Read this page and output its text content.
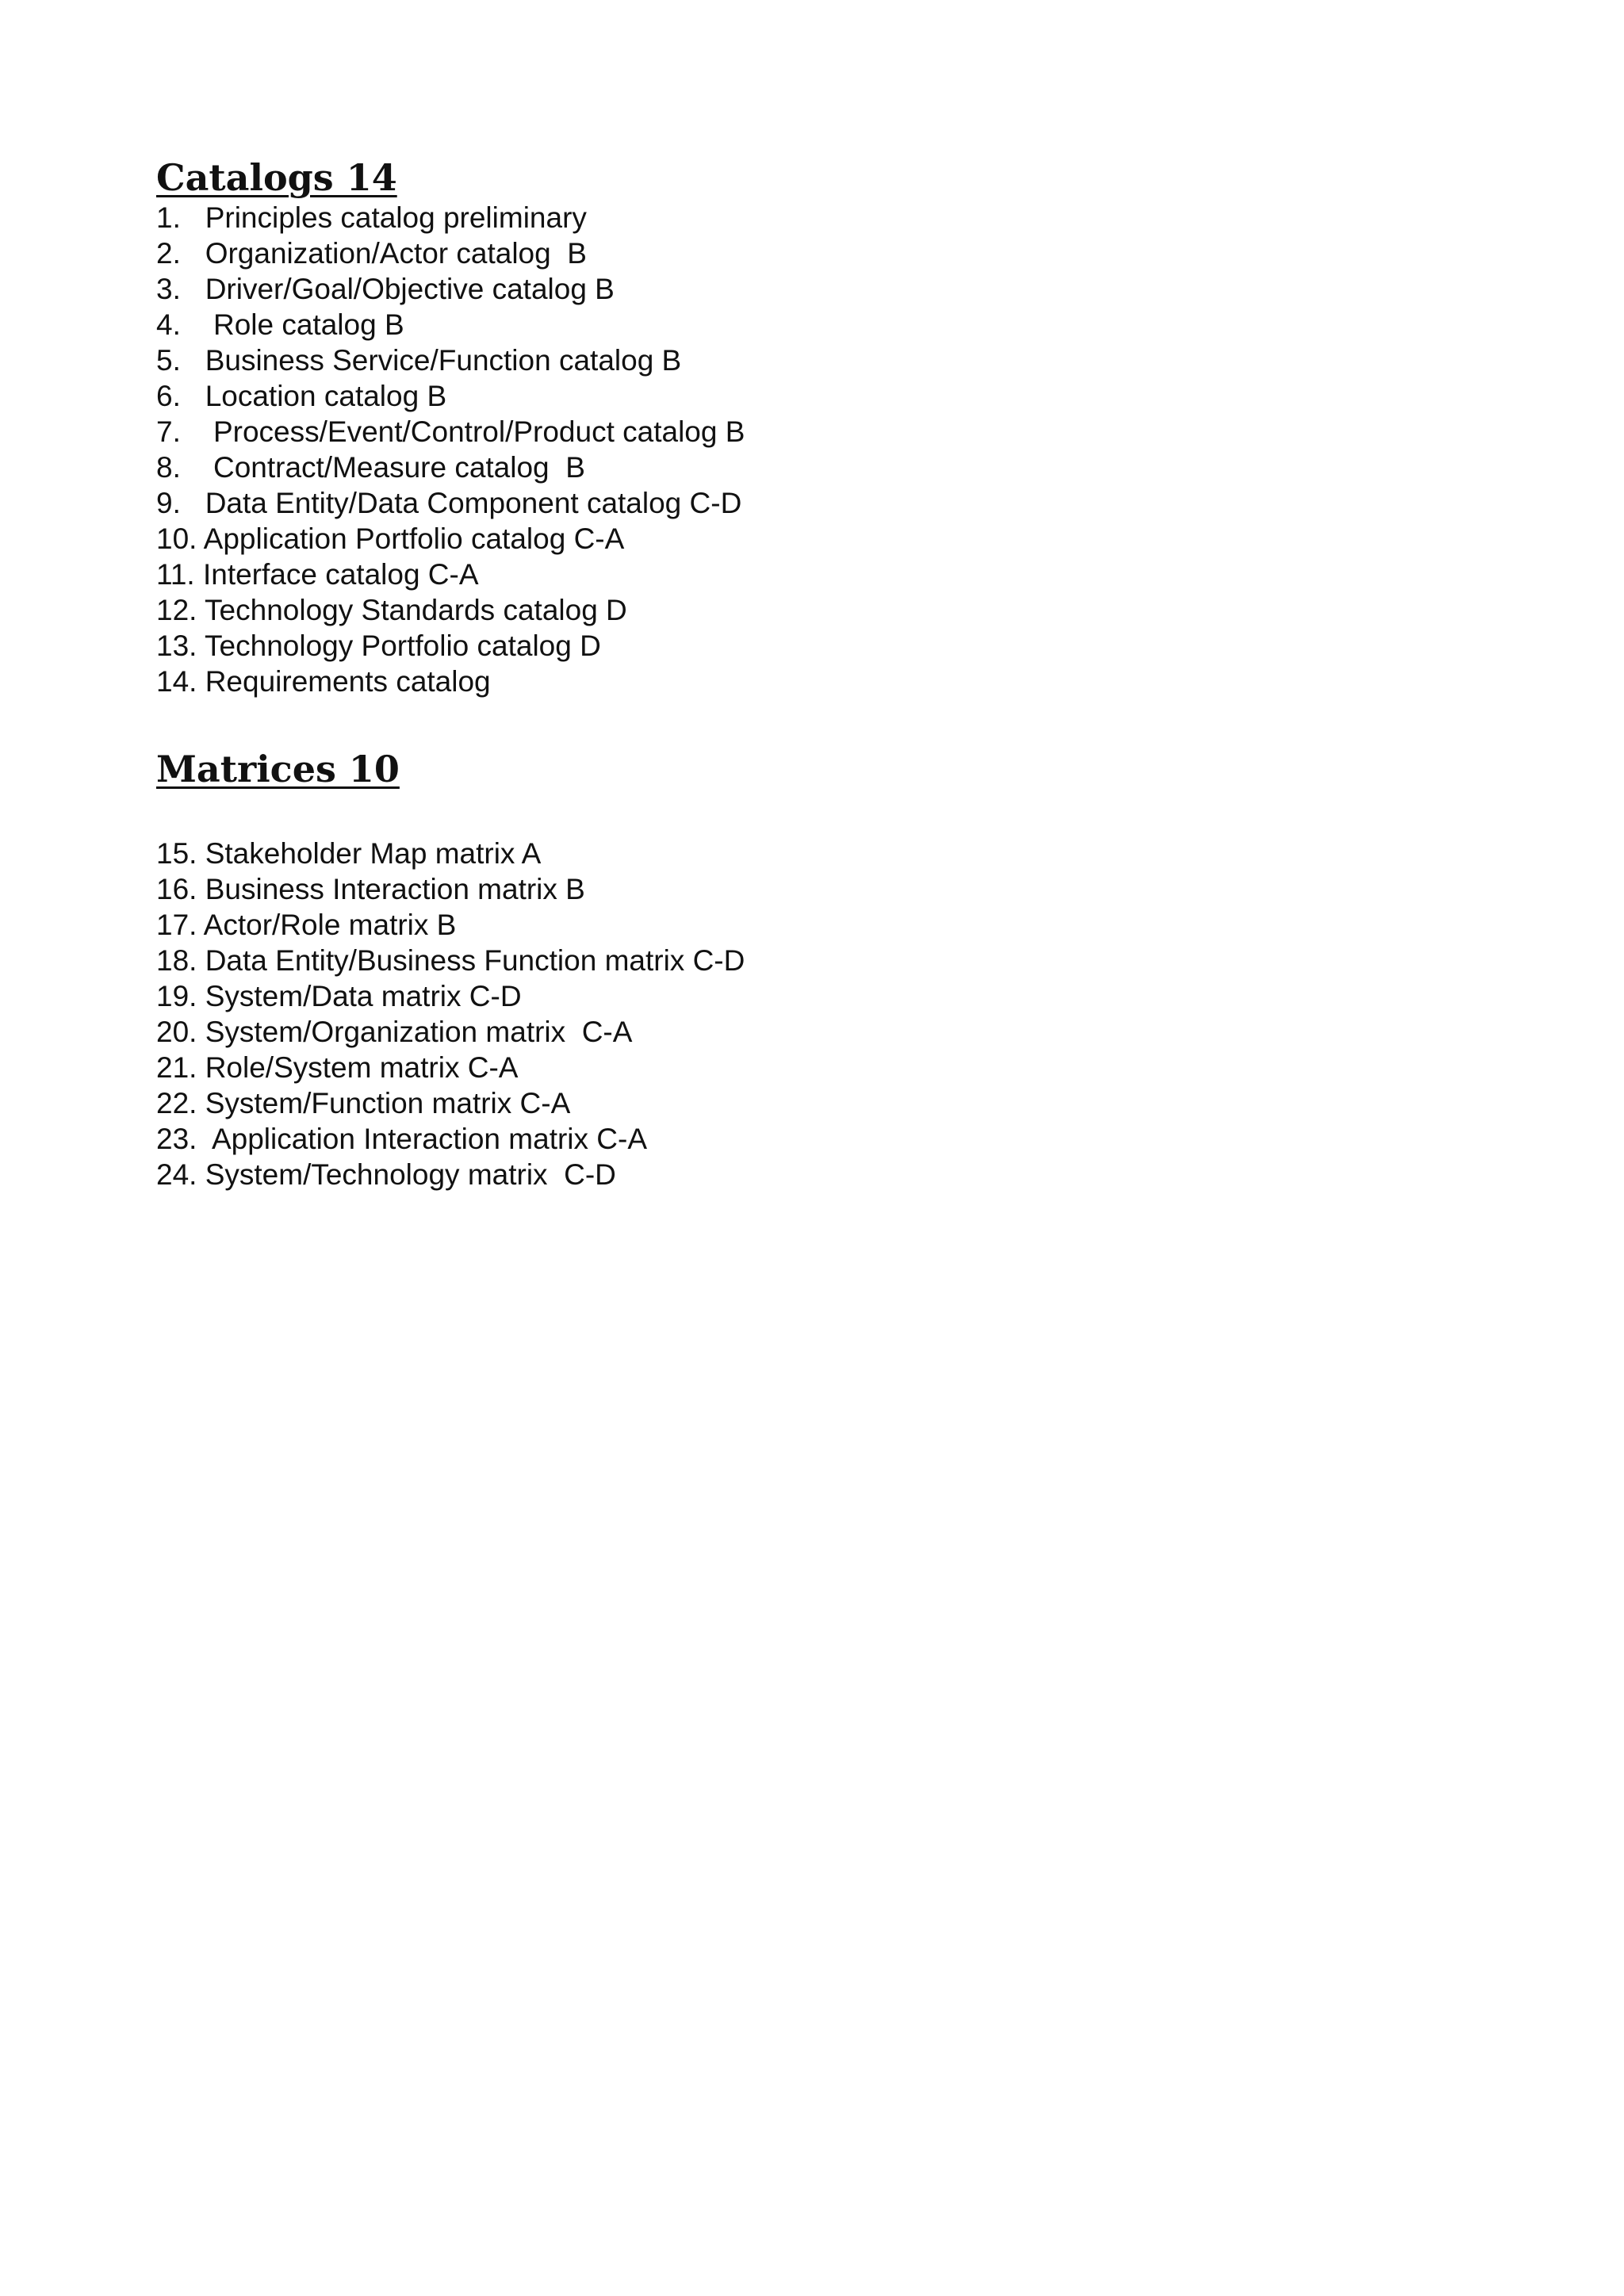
Catalogs 14
1.   Principles catalog preliminary
2.   Organization/Actor catalog  B
3.   Driver/Goal/Objective catalog B
4.    Role catalog B
5.   Business Service/Function catalog B
6.   Location catalog B
7.    Process/Event/Control/Product catalog B
8.    Contract/Measure catalog  B
9.   Data Entity/Data Component catalog C-D
10. Application Portfolio catalog C-A
11. Interface catalog C-A
12. Technology Standards catalog D
13. Technology Portfolio catalog D
14. Requirements catalog
Matrices 10
15. Stakeholder Map matrix A
16. Business Interaction matrix B
17. Actor/Role matrix B
18. Data Entity/Business Function matrix C-D
19. System/Data matrix C-D
20. System/Organization matrix  C-A
21. Role/System matrix C-A
22. System/Function matrix C-A
23.  Application Interaction matrix C-A
24. System/Technology matrix  C-D
